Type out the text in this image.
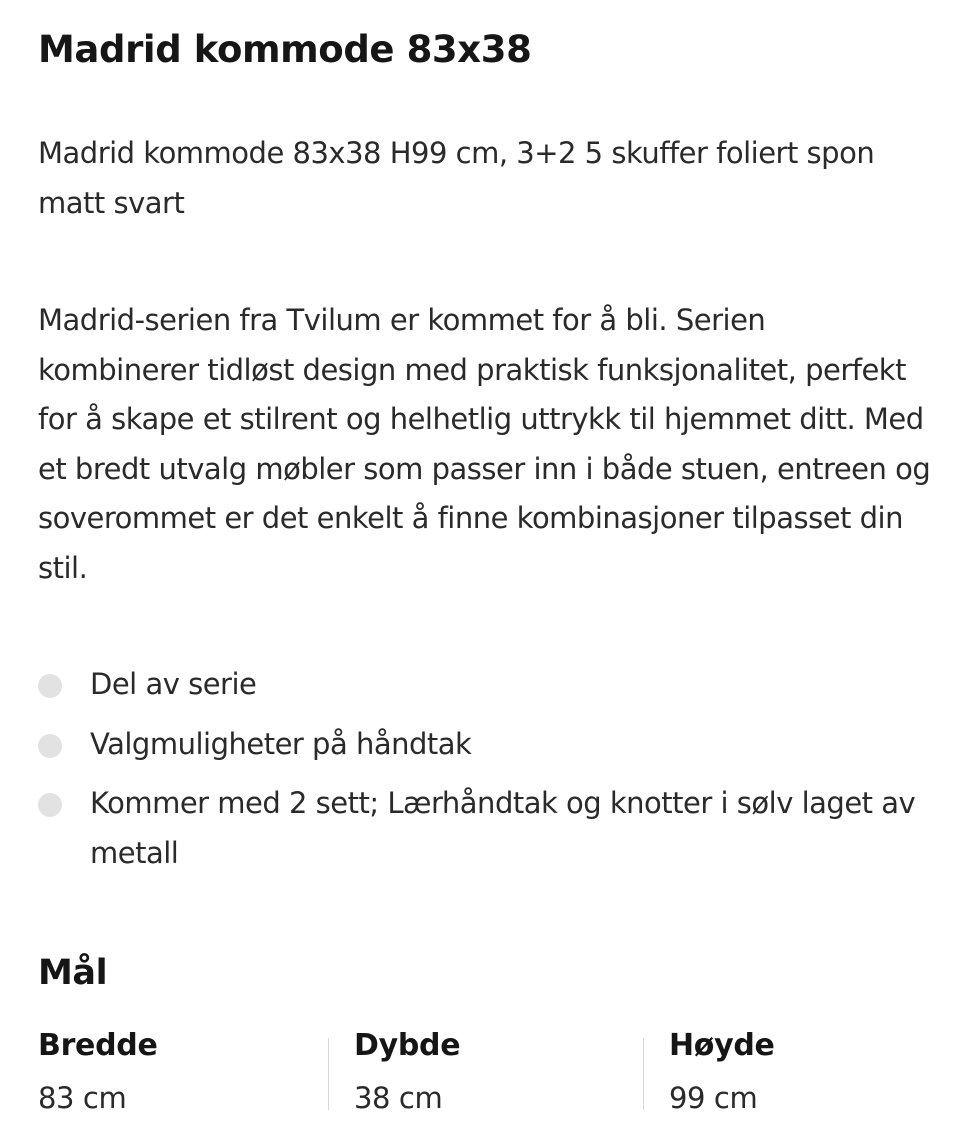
Madrid kommode 83x38

Madrid kommode 83x38 H99 cm, 3+2 5 skuffer foliert spon matt svart

Madrid-serien fra Tvilum er kommet for å bli. Serien kombinerer tidløst design med praktisk funksjonalitet, perfekt for å skape et stilrent og helhetlig uttrykk til hjemmet ditt. Med et bredt utvalg møbler som passer inn i både stuen, entreen og soverommet er det enkelt å finne kombinasjoner tilpasset din stil.

Del av serie
Valgmuligheter på håndtak
Kommer med 2 sett; Lærhåndtak og knotter i sølv laget av metall
Mål
Bredde
83 cm
Dybde
38 cm
Høyde
99 cm
